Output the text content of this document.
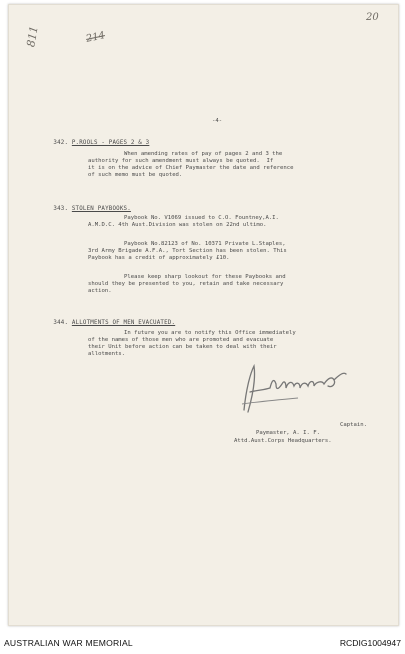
20
811	214
-4-

342. P.ROOLS - PAGES 2 & 3

When amending rates of pay of pages 2 and 3 the
authority for such amendment must always be quoted.  If
it is on the advice of Chief Paymaster the date and reference
of such memo must be quoted.

343. STOLEN PAYBOOKS.

Paybook No. V1069 issued to C.O. Fountney,A.I.
A.M.D.C. 4th Aust.Division was stolen on 22nd ultimo.
Paybook No.82123 of No. 10371 Private L.Staples,
3rd Army Brigade A.F.A., Tort Section has been stolen. This
Paybook has a credit of approximately £10.
Please keep sharp lookout for these Paybooks and
should they be presented to you, retain and take necessary
action.

344. ALLOTMENTS OF MEN EVACUATED.

In future you are to notify this Office immediately
of the names of those men who are promoted and evacuate
their Unit before action can be taken to deal with their
allotments.
Captain.
Paymaster, A. I. F.
Attd.Aust.Corps Headquarters.
AUSTRALIAN WAR MEMORIAL	RCDIG1004947
